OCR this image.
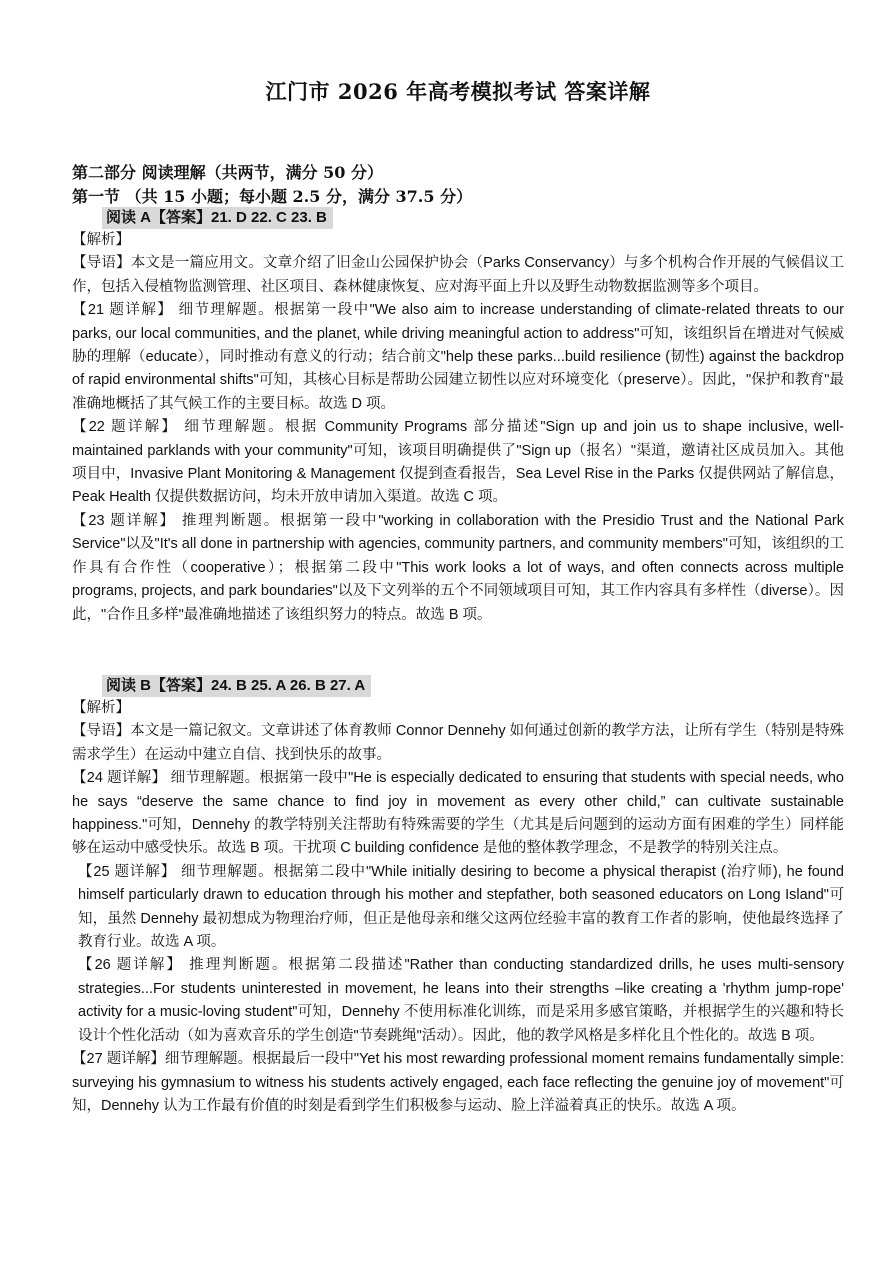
江门市 2026 年高考模拟考试 答案详解
第二部分 阅读理解（共两节，满分 50 分）
第一节 （共 15 小题；每小题 2.5 分，满分 37.5 分）
阅读 A【答案】21. D 22. C 23. B

【解析】

【导语】本文是一篇应用文。文章介绍了旧金山公园保护协会（Parks Conservancy）与多个机构合作开展的气候倡议工作，包括入侵植物监测管理、社区项目、森林健康恢复、应对海平面上升以及野生动物数据监测等多个项目。

【21 题详解】 细节理解题。根据第一段中"We also aim to increase understanding of climate-related threats to our parks, our local communities, and the planet, while driving meaningful action to address"可知，该组织旨在增进对气候威胁的理解（educate），同时推动有意义的行动；结合前文"help these parks...build resilience (韧性) against the backdrop of rapid environmental shifts"可知，其核心目标是帮助公园建立韧性以应对环境变化（preserve）。因此，"保护和教育"最准确地概括了其气候工作的主要目标。故选 D 项。

【22 题详解】 细节理解题。根据 Community Programs 部分描述"Sign up and join us to shape inclusive, well-maintained parklands with your community"可知，该项目明确提供了"Sign up（报名）"渠道，邀请社区成员加入。其他项目中，Invasive Plant Monitoring & Management 仅提到查看报告，Sea Level Rise in the Parks 仅提供网站了解信息，Peak Health 仅提供数据访问，均未开放申请加入渠道。故选 C 项。

【23 题详解】 推理判断题。根据第一段中"working in collaboration with the Presidio Trust and the National Park Service"以及"It's all done in partnership with agencies, community partners, and community members"可知，该组织的工作具有合作性（cooperative）；根据第二段中"This work looks a lot of ways, and often connects across multiple programs, projects, and park boundaries"以及下文列举的五个不同领域项目可知，其工作内容具有多样性（diverse）。因此，"合作且多样"最准确地描述了该组织努力的特点。故选 B 项。

阅读 B【答案】24. B 25. A 26. B 27. A

【解析】

【导语】本文是一篇记叙文。文章讲述了体育教师 Connor Dennehy 如何通过创新的教学方法，让所有学生（特别是特殊需求学生）在运动中建立自信、找到快乐的故事。

【24 题详解】 细节理解题。根据第一段中"He is especially dedicated to ensuring that students with special needs, who he says “deserve the same chance to find joy in movement as every other child,” can cultivate sustainable happiness."可知，Dennehy 的教学特别关注帮助有特殊需要的学生（尤其是后问题到的运动方面有困难的学生）同样能够在运动中感受快乐。故选 B 项。干扰项 C building confidence 是他的整体教学理念，不是教学的特别关注点。

【25 题详解】 细节理解题。根据第二段中"While initially desiring to become a physical therapist (治疗师), he found himself particularly drawn to education through his mother and stepfather, both seasoned educators on Long Island"可知，虽然 Dennehy 最初想成为物理治疗师，但正是他母亲和继父这两位经验丰富的教育工作者的影响，使他最终选择了教育行业。故选 A 项。

【26 题详解】 推理判断题。根据第二段描述"Rather than conducting standardized drills, he uses multi-sensory strategies...For students uninterested in movement, he leans into their strengths –like creating a 'rhythm jump-rope' activity for a music-loving student"可知，Dennehy 不使用标准化训练，而是采用多感官策略，并根据学生的兴趣和特长设计个性化活动（如为喜欢音乐的学生创造"节奏跳绳"活动）。因此，他的教学风格是多样化且个性化的。故选 B 项。

【27 题详解】细节理解题。根据最后一段中"Yet his most rewarding professional moment remains fundamentally simple: surveying his gymnasium to witness his students actively engaged, each face reflecting the genuine joy of movement"可知，Dennehy 认为工作最有价值的时刻是看到学生们积极参与运动、脸上洋溢着真正的快乐。故选 A 项。
